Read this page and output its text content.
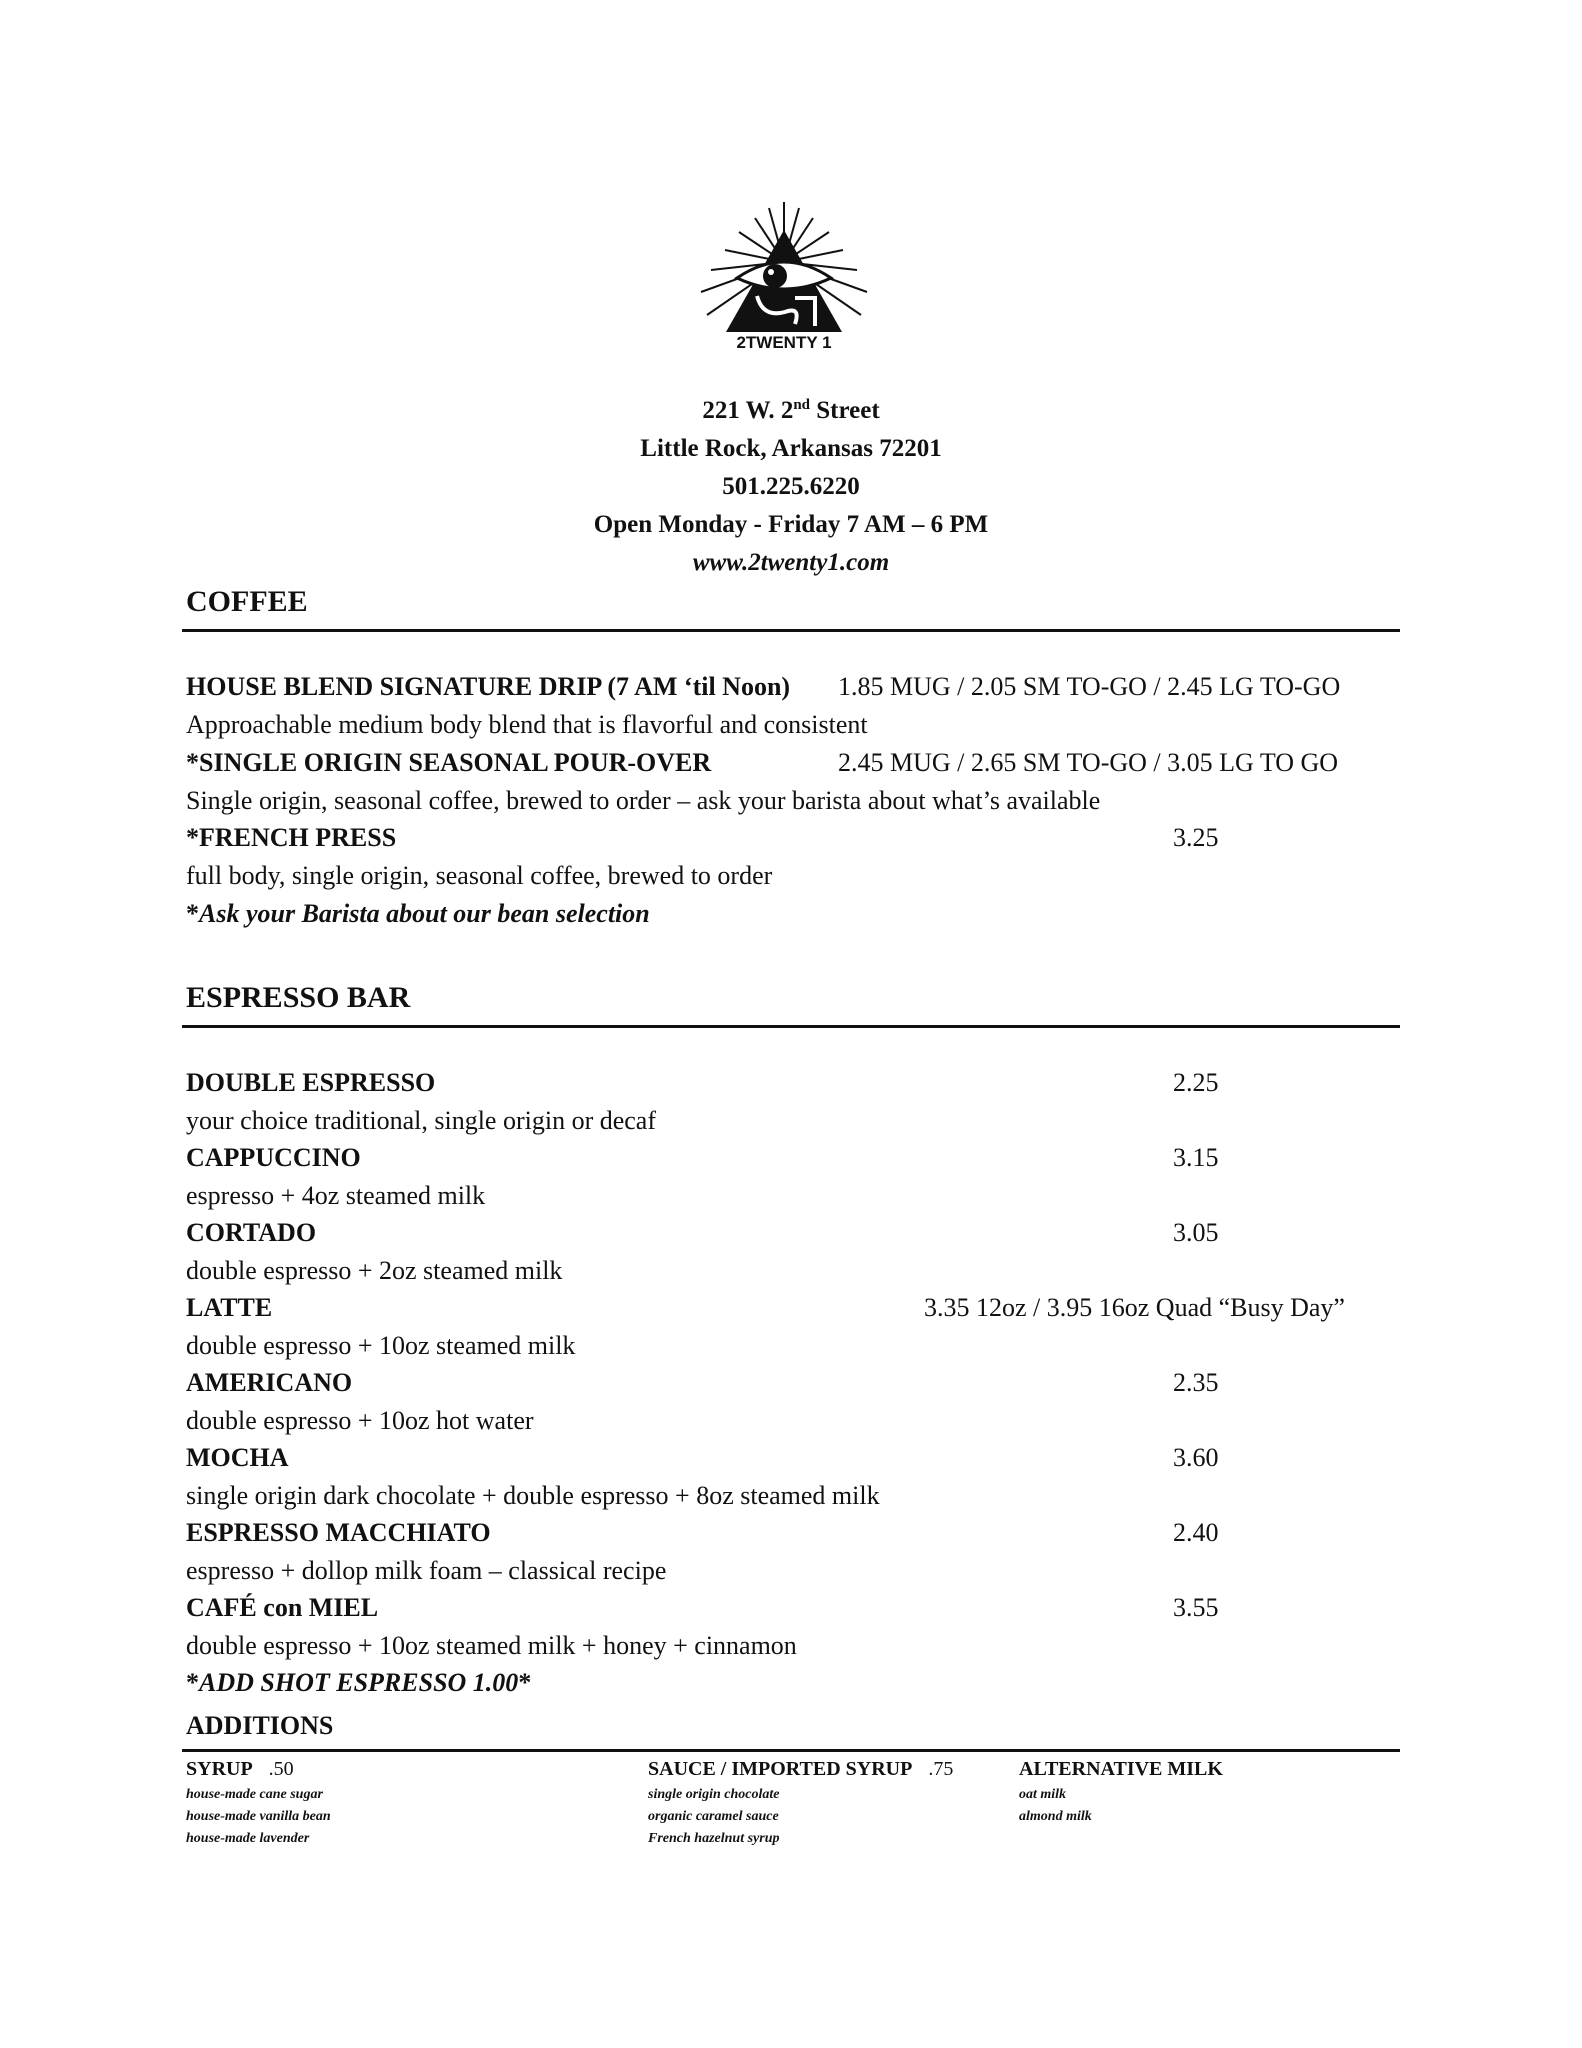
2TWENTY 1
221 W. 2nd Street
Little Rock, Arkansas 72201
501.225.6220
Open Monday - Friday 7 AM – 6 PM
www.2twenty1.com
COFFEE
HOUSE BLEND SIGNATURE DRIP (7 AM ‘til Noon) 1.85 MUG / 2.05 SM TO-GO / 2.45 LG TO-GO
Approachable medium body blend that is flavorful and consistent
*SINGLE ORIGIN SEASONAL POUR-OVER	2.45 MUG / 2.65 SM TO-GO / 3.05 LG TO GO
Single origin, seasonal coffee, brewed to order – ask your barista about what’s available
*FRENCH PRESS	3.25
full body, single origin, seasonal coffee, brewed to order
*Ask your Barista about our bean selection
ESPRESSO BAR
DOUBLE ESPRESSO	2.25
your choice traditional, single origin or decaf
CAPPUCCINO	3.15
espresso + 4oz steamed milk
CORTADO	3.05
double espresso + 2oz steamed milk
LATTE	3.35 12oz / 3.95 16oz Quad “Busy Day”
double espresso + 10oz steamed milk
AMERICANO	2.35
double espresso + 10oz hot water
MOCHA	3.60
single origin dark chocolate + double espresso + 8oz steamed milk
ESPRESSO MACCHIATO	2.40
espresso + dollop milk foam – classical recipe
CAFÉ con MIEL	3.55
double espresso + 10oz steamed milk + honey + cinnamon
*ADD SHOT ESPRESSO 1.00*
ADDITIONS
SYRUP .50
house-made cane sugar
house-made vanilla bean
house-made lavender
SAUCE / IMPORTED SYRUP .75
single origin chocolate
organic caramel sauce
French hazelnut syrup
ALTERNATIVE MILK
oat milk
almond milk
